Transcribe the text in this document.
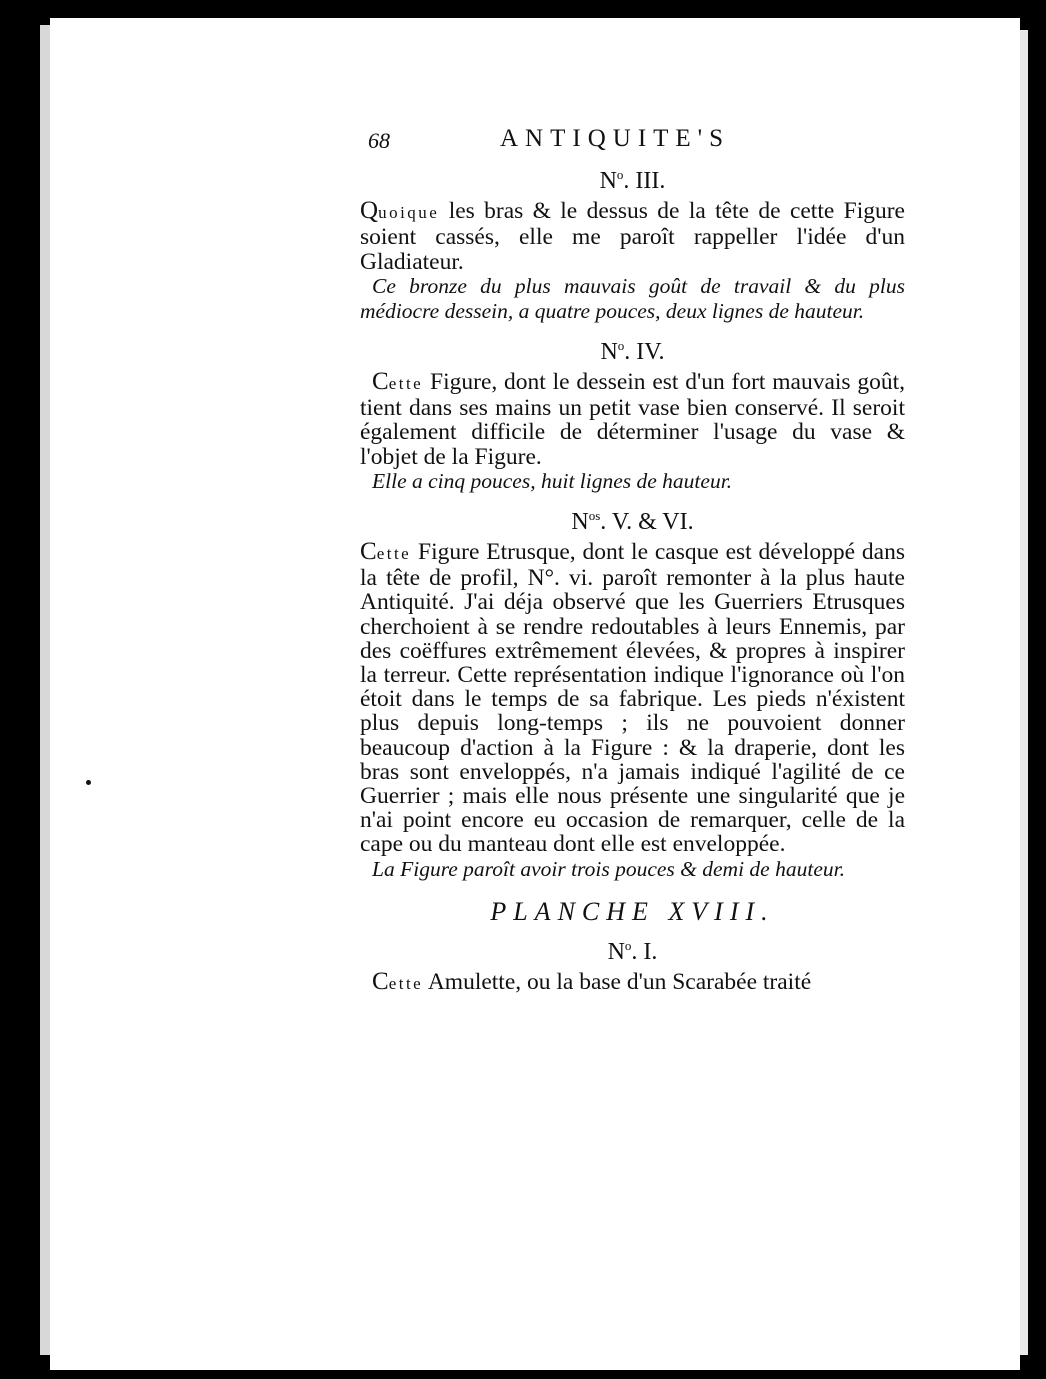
68	ANTIQUITE'S
$N^o$. III.

Quoique les bras & le dessus de la tête de cette Figure soient cassés, elle me paroît rappeller l'idée d'un Gladiateur.

Ce bronze du plus mauvais goût de travail & du plus médiocre dessein, a quatre pouces, deux lignes de hauteur.

$N^o$. IV.

Cette Figure, dont le dessein est d'un fort mauvais goût, tient dans ses mains un petit vase bien conservé. Il seroit également difficile de déterminer l'usage du vase & l'objet de la Figure.

Elle a cinq pouces, huit lignes de hauteur.

$N^{os}$. V. & VI.

Cette Figure Etrusque, dont le casque est développé dans la tête de profil, N°. vi. paroît remonter à la plus haute Antiquité. J'ai déja observé que les Guerriers Etrusques cherchoient à se rendre redoutables à leurs Ennemis, par des coëffures extrêmement élevées, & propres à inspirer la terreur. Cette représentation indique l'ignorance où l'on étoit dans le temps de sa fabrique. Les pieds n'éxistent plus depuis long-temps ; ils ne pouvoient donner beaucoup d'action à la Figure : & la draperie, dont les bras sont enveloppés, n'a jamais indiqué l'agilité de ce Guerrier ; mais elle nous présente une singularité que je n'ai point encore eu occasion de remarquer, celle de la cape ou du manteau dont elle est enveloppée.

La Figure paroît avoir trois pouces & demi de hauteur.

PLANCHE XVIII.
$N^o$. I.

Cette Amulette, ou la base d'un Scarabée traité
